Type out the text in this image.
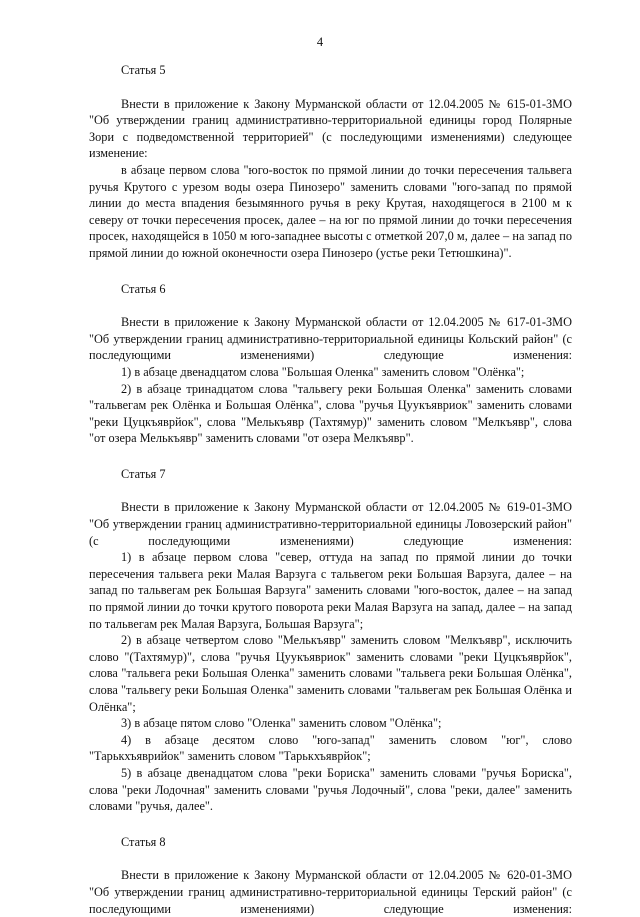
4
Статья 5

Внести в приложение к Закону Мурманской области от 12.04.2005 № 615-01-ЗМО "Об утверждении границ административно-территориальной единицы город Полярные Зори с подведомственной территорией" (с последующими изменениями) следующее изменение:

в абзаце первом слова "юго-восток по прямой линии до точки пересечения тальвега ручья Крутого с урезом воды озера Пинозеро" заменить словами "юго-запад по прямой линии до места впадения безымянного ручья в реку Крутая, находящегося в 2100 м к северу от точки пересечения просек, далее – на юг по прямой линии до точки пересечения просек, находящейся в 1050 м юго-западнее высоты с отметкой 207,0 м, далее – на запад по прямой линии до южной оконечности озера Пинозеро (устье реки Тетюшкина)".

Статья 6

Внести в приложение к Закону Мурманской области от 12.04.2005 № 617-01-ЗМО "Об утверждении границ административно-территориальной единицы Кольский район" (с последующими изменениями) следующие изменения:

1) в абзаце двенадцатом слова "Большая Оленка" заменить словом "Олёнка";

2) в абзаце тринадцатом слова "тальвегу реки Большая Оленка" заменить словами "тальвегам рек Олёнка и Большая Олёнка", слова "ручья Цуукъявриок" заменить словами "реки Цуцкъяврйок", слова "Мелькъявр (Тахтямур)" заменить словом "Мелкъявр", слова "от озера Мелькъявр" заменить словами "от озера Мелкъявр".

Статья 7

Внести в приложение к Закону Мурманской области от 12.04.2005 № 619-01-ЗМО "Об утверждении границ административно-территориальной единицы Ловозерский район" (с последующими изменениями) следующие изменения:

1) в абзаце первом слова "север, оттуда на запад по прямой линии до точки пересечения тальвега реки Малая Варзуга с тальвегом реки Большая Варзуга, далее – на запад по тальвегам рек Большая Варзуга" заменить словами "юго-восток, далее – на запад по прямой линии до точки крутого поворота реки Малая Варзуга на запад, далее – на запад по тальвегам рек Малая Варзуга, Большая Варзуга";

2) в абзаце четвертом слово "Мелькъявр" заменить словом "Мелкъявр", исключить слово "(Тахтямур)", слова "ручья Цуукъявриок" заменить словами "реки Цуцкъяврйок", слова "тальвега реки Большая Оленка" заменить словами "тальвега реки Большая Олёнка", слова "тальвегу реки Большая Оленка" заменить словами "тальвегам рек Большая Олёнка и Олёнка";

3) в абзаце пятом слово "Оленка" заменить словом "Олёнка";

4) в абзаце десятом слово "юго-запад" заменить словом "юг", слово "Тарькхъяврийок" заменить словом "Тарькхъяврйок";

5) в абзаце двенадцатом слова "реки Бориска" заменить словами "ручья Бориска", слова "реки Лодочная" заменить словами "ручья Лодочный", слова "реки, далее" заменить словами "ручья, далее".

Статья 8

Внести в приложение к Закону Мурманской области от 12.04.2005 № 620-01-ЗМО "Об утверждении границ административно-территориальной единицы Терский район" (с последующими изменениями) следующие изменения:
